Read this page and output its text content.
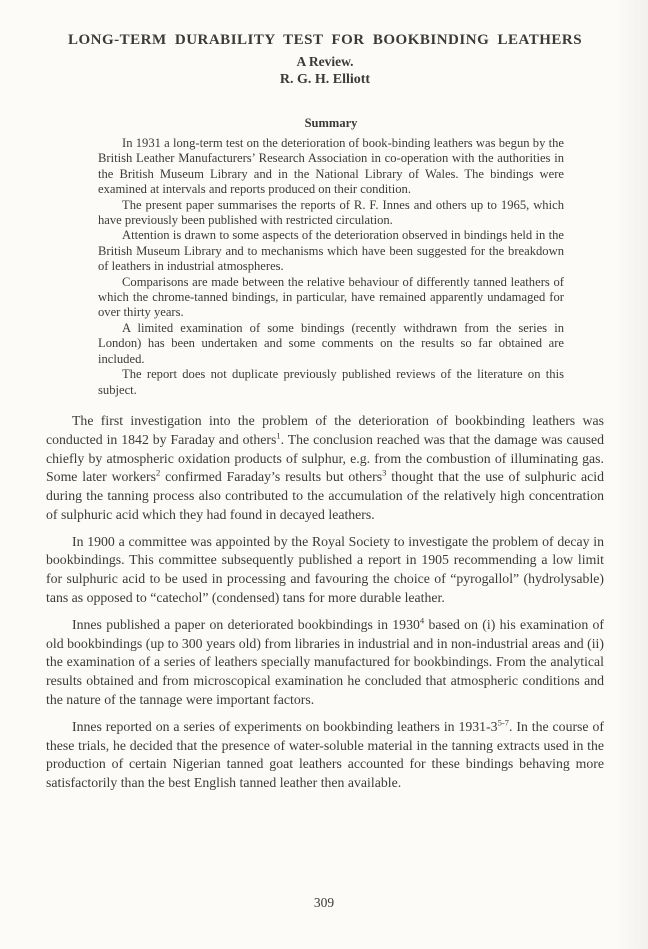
LONG-TERM DURABILITY TEST FOR BOOKBINDING LEATHERS
A Review.
R. G. H. Elliott
Summary

In 1931 a long-term test on the deterioration of book-binding leathers was begun by the British Leather Manufacturers’ Research Association in co-operation with the authorities in the British Museum Library and in the National Library of Wales. The bindings were examined at intervals and reports produced on their condition.

The present paper summarises the reports of R. F. Innes and others up to 1965, which have previously been published with restricted circulation.

Attention is drawn to some aspects of the deterioration observed in bindings held in the British Museum Library and to mechanisms which have been suggested for the breakdown of leathers in industrial atmospheres.

Comparisons are made between the relative behaviour of differently tanned leathers of which the chrome-tanned bindings, in particular, have remained apparently undamaged for over thirty years.

A limited examination of some bindings (recently withdrawn from the series in London) has been undertaken and some comments on the results so far obtained are included.

The report does not duplicate previously published reviews of the literature on this subject.

The first investigation into the problem of the deterioration of bookbinding leathers was conducted in 1842 by Faraday and others$^1$. The conclusion reached was that the damage was caused chiefly by atmospheric oxidation products of sulphur, e.g. from the combustion of illuminating gas. Some later workers$^2$ confirmed Faraday’s results but others$^3$ thought that the use of sulphuric acid during the tanning process also contributed to the accumulation of the relatively high concentration of sulphuric acid which they had found in decayed leathers.

In 1900 a committee was appointed by the Royal Society to investigate the problem of decay in bookbindings. This committee subsequently published a report in 1905 recommending a low limit for sulphuric acid to be used in processing and favouring the choice of “pyrogallol” (hydrolysable) tans as opposed to “catechol” (condensed) tans for more durable leather.

Innes published a paper on deteriorated bookbindings in 1930$^4$ based on (i) his examination of old bookbindings (up to 300 years old) from libraries in industrial and in non-industrial areas and (ii) the examination of a series of leathers specially manufactured for bookbindings. From the analytical results obtained and from microscopical examination he concluded that atmospheric conditions and the nature of the tannage were important factors.

Innes reported on a series of experiments on bookbinding leathers in 1931-3$^{5-7}$. In the course of these trials, he decided that the presence of water-soluble material in the tanning extracts used in the production of certain Nigerian tanned goat leathers accounted for these bindings behaving more satisfactorily than the best English tanned leather then available.

309
